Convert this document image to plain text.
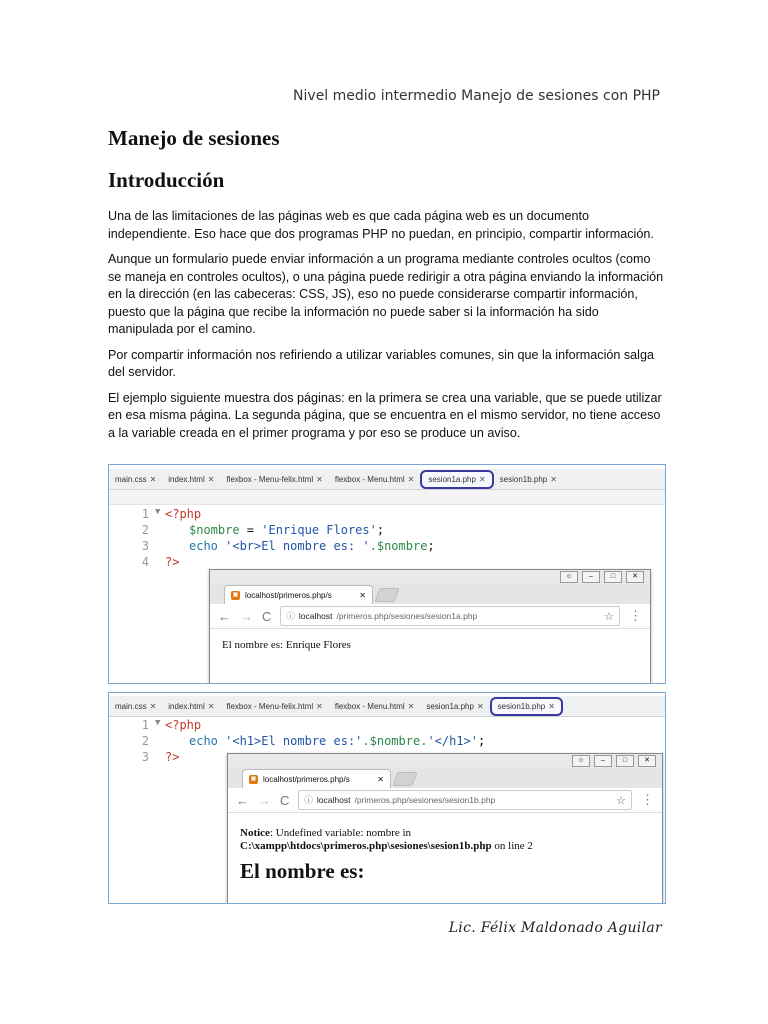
Nivel medio intermedio Manejo de sesiones con PHP
Manejo de sesiones
Introducción

Una de las limitaciones de las páginas web es que cada página web es un documento independiente. Eso hace que dos programas PHP no puedan, en principio, compartir información.

Aunque un formulario puede enviar información a un programa mediante controles ocultos (como se maneja en controles ocultos), o una página puede redirigir a otra página enviando la información en la dirección (en las cabeceras: CSS, JS), eso no puede considerarse compartir información, puesto que la página que recibe la información no puede saber si la información ha sido manipulada por el camino.

Por compartir información nos refiriendo a utilizar variables comunes, sin que la información salga del servidor.

El ejemplo siguiente muestra dos páginas: en la primera se crea una variable, que se puede utilizar en esa misma página. La segunda página, que se encuentra en el mismo servidor, no tiene acceso a la variable creada en el primer programa y por eso se produce un aviso.

main.css ✕ index.html ✕ flexbox - Menu-felix.html ✕ flexbox - Menu.html ✕ sesion1a.php ✕ sesion1b.php ✕
1 ▼ <?php
2	$nombre = 'Enrique Flores' ;
3	echo '<br>El nombre es: ' .$nombre ;
4	?>
☺	–	□	✕
▣ localhost/primeros.php/s	✕
← → C ⓘ localhost /primeros.php/sesiones/sesion1a.php	☆ ⋮
El nombre es: Enrique Flores
main.css ✕ index.html ✕ flexbox - Menu-felix.html ✕ flexbox - Menu.html ✕ sesion1a.php ✕ sesion1b.php ✕
1 ▼ <?php
2	echo '<h1>El nombre es:' .$nombre. '</h1>' ;
3	?>	☺	–	□	✕
▣ localhost/primeros.php/s	✕
← → C ⓘ localhost /primeros.php/sesiones/sesion1b.php	☆ ⋮
Notice: Undefined variable: nombre in
C:\xampp\htdocs\primeros.php\sesiones\sesion1b.php on line 2
El nombre es:
Lic. Félix Maldonado Aguilar
